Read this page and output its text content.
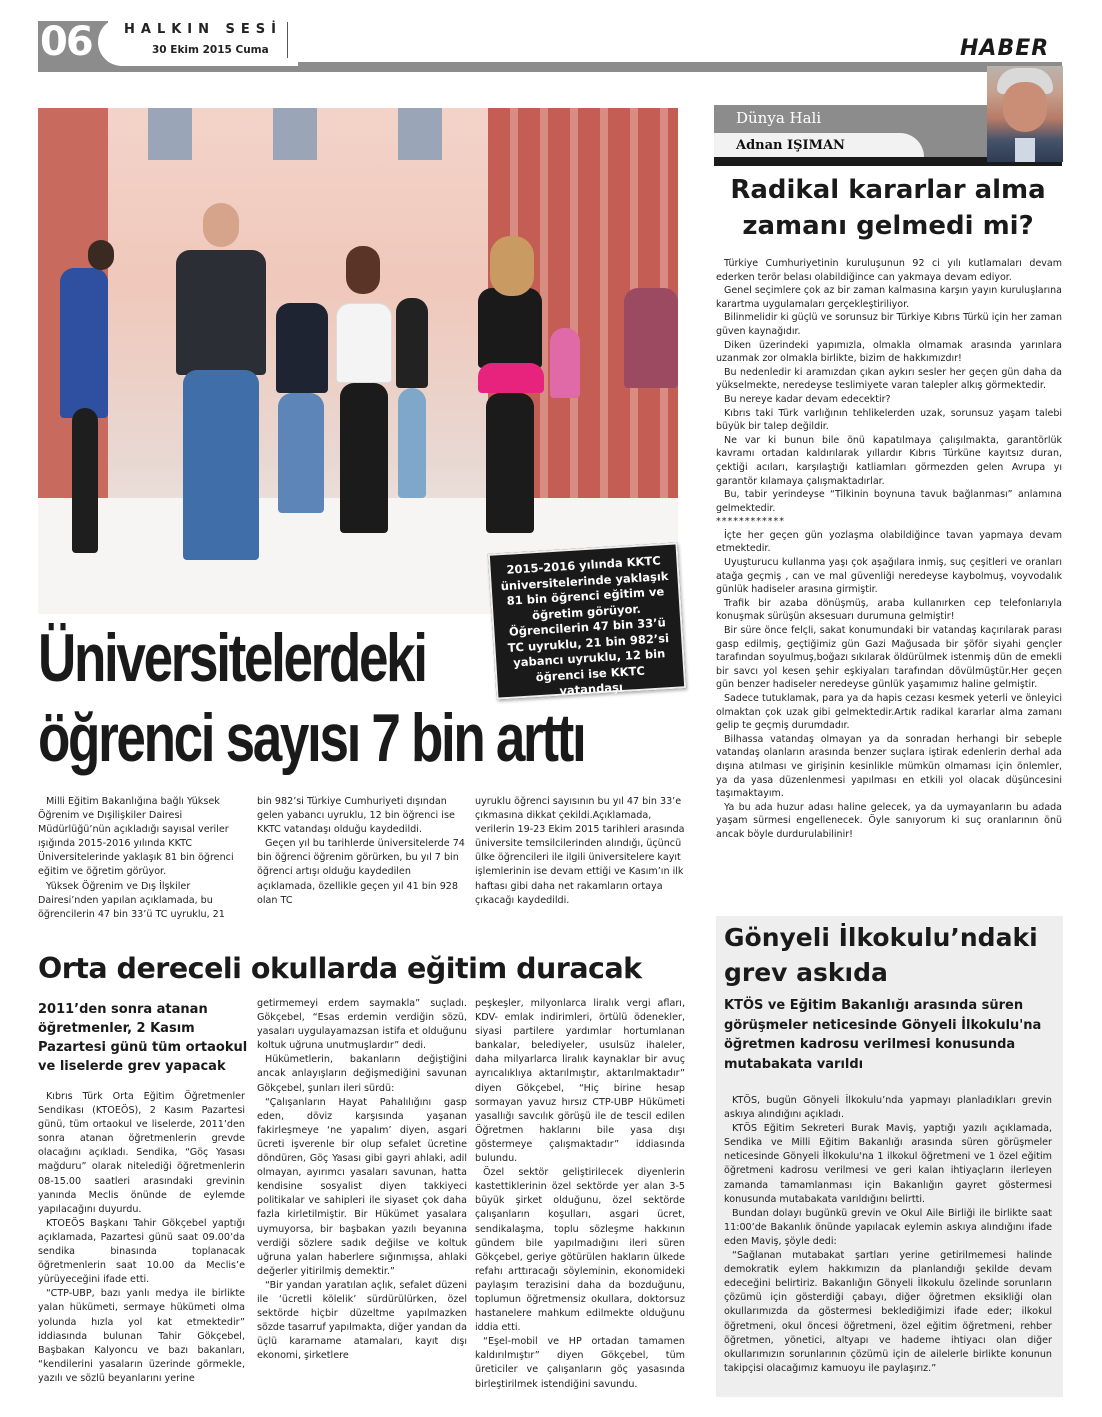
06 HALKIN SESİ
30 Ekim 2015 Cuma	HABER
2015-2016 yılında KKTC üniversitelerinde yaklaşık 81 bin öğrenci eğitim ve öğretim görüyor. Öğrencilerin 47 bin 33’ü TC uyruklu, 21 bin 982’si yabancı uyruklu, 12 bin öğrenci ise KKTC vatandaşı
Üniversitelerdeki
öğrenci sayısı 7 bin arttı

Milli Eğitim Bakanlığına bağlı Yüksek Öğrenim ve Dışilişkiler Dairesi Müdürlüğü’nün açıkladığı sayısal veriler ışığında 2015-2016 yılında KKTC Üniversitelerinde yaklaşık 81 bin öğrenci eğitim ve öğretim görüyor.

Yüksek Öğrenim ve Dış İlşkiler Dairesi’nden yapılan açıklamada, bu öğrencilerin 47 bin 33’ü TC uyruklu, 21

bin 982’si Türkiye Cumhuriyeti dışından gelen yabancı uyruklu, 12 bin öğrenci ise KKTC vatandaşı olduğu kaydedildi.

Geçen yıl bu tarihlerde üniversitelerde 74 bin öğrenci öğrenim görürken, bu yıl 7 bin öğrenci artışı olduğu kaydedilen açıklamada, özellikle geçen yıl 41 bin 928 olan TC

uyruklu öğrenci sayısının bu yıl 47 bin 33’e çıkmasına dikkat çekildi.Açıklamada, verilerin 19-23 Ekim 2015 tarihleri arasında üniversite temsilcilerinden alındığı, üçüncü ülke öğrencileri ile ilgili üniversitelere kayıt işlemlerinin ise devam ettiği ve Kasım’ın ilk haftası gibi daha net rakamların ortaya çıkacağı kaydedildi.

Orta dereceli okullarda eğitim duracak
2011’den sonra atanan öğretmenler, 2 Kasım Pazartesi günü tüm ortaokul ve liselerde grev yapacak

Kıbrıs Türk Orta Eğitim Öğretmenler Sendikası (KTOEÖS), 2 Kasım Pazartesi günü, tüm ortaokul ve liselerde, 2011’den sonra atanan öğretmenlerin grevde olacağını açıkladı. Sendika, “Göç Yasası mağduru” olarak nitelediği öğretmenlerin 08-15.00 saatleri arasındaki grevinin yanında Meclis önünde de eylemde yapılacağını duyurdu.

KTOEÖS Başkanı Tahir Gökçebel yaptığı açıklamada, Pazartesi günü saat 09.00’da sendika binasında toplanacak öğretmenlerin saat 10.00 da Meclis’e yürüyeceğini ifade etti.

“CTP-UBP, bazı yanlı medya ile birlikte yalan hükümeti, sermaye hükümeti olma yolunda hızla yol kat etmektedir” iddiasında bulunan Tahir Gökçebel, Başbakan Kalyoncu ve bazı bakanları, “kendilerini yasaların üzerinde görmekle, yazılı ve sözlü beyanlarını yerine

getirmemeyi erdem saymakla” suçladı. Gökçebel, “Esas erdemin verdiğin sözü, yasaları uygulayamazsan istifa et olduğunu koltuk uğruna unutmuşlardır” dedi.

Hükümetlerin, bakanların değiştiğini ancak anlayışların değişmediğini savunan Gökçebel, şunları ileri sürdü:

“Çalışanların Hayat Pahalılığını gasp eden, döviz karşısında yaşanan fakirleşmeye ‘ne yapalım’ diyen, asgari ücreti işverenle bir olup sefalet ücretine döndüren, Göç Yasası gibi gayri ahlaki, adil olmayan, ayırımcı yasaları savunan, hatta kendisine sosyalist diyen takkiyeci politikalar ve sahipleri ile siyaset çok daha fazla kirletilmiştir. Bir Hükümet yasalara uymuyorsa, bir başbakan yazılı beyanına verdiği sözlere sadık değilse ve koltuk uğruna yalan haberlere sığınmışsa, ahlaki değerler yitirilmiş demektir.”

“Bir yandan yaratılan açlık, sefalet düzeni ile ‘ücretli kölelik’ sürdürülürken, özel sektörde hiçbir düzeltme yapılmazken sözde tasarruf yapılmakta, diğer yandan da üçlü kararname atamaları, kayıt dışı ekonomi, şirketlere

peşkeşler, milyonlarca liralık vergi afları, KDV- emlak indirimleri, örtülü ödenekler, siyasi partilere yardımlar hortumlanan bankalar, belediyeler, usulsüz ihaleler, daha milyarlarca liralık kaynaklar bir avuç ayrıcalıklıya aktarılmıştır, aktarılmaktadır” diyen Gökçebel, “Hiç birine hesap sormayan yavuz hırsız CTP-UBP Hükümeti yasallığı savcılık görüşü ile de tescil edilen Öğretmen haklarını bile yasa dışı göstermeye çalışmaktadır” iddiasında bulundu.

Özel sektör geliştirilecek diyenlerin kastettiklerinin özel sektörde yer alan 3-5 büyük şirket olduğunu, özel sektörde çalışanların koşulları, asgari ücret, sendikalaşma, toplu sözleşme hakkının gündem bile yapılmadığını ileri süren Gökçebel, geriye götürülen hakların ülkede refahı arttıracağı söyleminin, ekonomideki paylaşım terazisini daha da bozduğunu, toplumun öğretmensiz okullara, doktorsuz hastanelere mahkum edilmekte olduğunu iddia etti.

“Eşel-mobil ve HP ortadan tamamen kaldırılmıştır” diyen Gökçebel, tüm üreticiler ve çalışanların göç yasasında birleştirilmek istendiğini savundu.

Dünya Hali
Adnan IŞIMAN
Radikal kararlar alma zamanı gelmedi mi?

Türkiye Cumhuriyetinin kuruluşunun 92 ci yılı kutlamaları devam ederken terör belası olabildiğince can yakmaya devam ediyor.

Genel seçimlere çok az bir zaman kalmasına karşın yayın kuruluşlarına karartma uygulamaları gerçekleştiriliyor.

Bilinmelidir ki güçlü ve sorunsuz bir Türkiye Kıbrıs Türkü için her zaman güven kaynağıdır.

Diken üzerindeki yapımızla, olmakla olmamak arasında yarınlara uzanmak zor olmakla birlikte, bizim de hakkımızdır!

Bu nedenledir ki aramızdan çıkan aykırı sesler her geçen gün daha da yükselmekte, neredeyse teslimiyete varan talepler alkış görmektedir.

Bu nereye kadar devam edecektir?

Kıbrıs taki Türk varlığının tehlikelerden uzak, sorunsuz yaşam talebi büyük bir talep değildir.

Ne var ki bunun bile önü kapatılmaya çalışılmakta, garantörlük kavramı ortadan kaldırılarak yıllardır Kıbrıs Türküne kayıtsız duran, çektiği acıları, karşılaştığı katliamları görmezden gelen Avrupa yı garantör kılamaya çalışmaktadırlar.

Bu, tabir yerindeyse “Tilkinin boynuna tavuk bağlanması” anlamına gelmektedir.

************

İçte her geçen gün yozlaşma olabildiğince tavan yapmaya devam etmektedir.

Uyuşturucu kullanma yaşı çok aşağılara inmiş, suç çeşitleri ve oranları atağa geçmiş , can ve mal güvenliği neredeyse kaybolmuş, voyvodalık günlük hadiseler arasına girmiştir.

Trafik bir azaba dönüşmüş, araba kullanırken cep telefonlarıyla konuşmak sürüşün aksesuarı durumuna gelmiştir!

Bir süre önce felçli, sakat konumundaki bir vatandaş kaçırılarak parası gasp edilmiş, geçtiğimiz gün Gazi Mağusada bir şöför siyahi gençler tarafından soyulmuş,boğazı sıkılarak öldürülmek istenmiş dün de emekli bir savcı yol kesen şehir eşkiyaları tarafından dövülmüştür.Her geçen gün benzer hadiseler neredeyse günlük yaşamımız haline gelmiştir.

Sadece tutuklamak, para ya da hapis cezası kesmek yeterli ve önleyici olmaktan çok uzak gibi gelmektedir.Artık radikal kararlar alma zamanı gelip te geçmiş durumdadır.

Bilhassa vatandaş olmayan ya da sonradan herhangi bir sebeple vatandaş olanların arasında benzer suçlara iştirak edenlerin derhal ada dışına atılması ve girişinin kesinlikle mümkün olmaması için önlemler, ya da yasa düzenlenmesi yapılması en etkili yol olacak düşüncesini taşımaktayım.

Ya bu ada huzur adası haline gelecek, ya da uymayanların bu adada yaşam sürmesi engellenecek. Öyle sanıyorum ki suç oranlarının önü ancak böyle durdurulabilinir!

Gönyeli İlkokulu’ndaki grev askıda
KTÖS ve Eğitim Bakanlığı arasında süren görüşmeler neticesinde Gönyeli İlkokulu'na öğretmen kadrosu verilmesi konusunda mutabakata varıldı

KTÖS, bugün Gönyeli İlkokulu’nda yapmayı planladıkları grevin askıya alındığını açıkladı.

KTÖS Eğitim Sekreteri Burak Maviş, yaptığı yazılı açıklamada, Sendika ve Milli Eğitim Bakanlığı arasında süren görüşmeler neticesinde Gönyeli İlkokulu'na 1 ilkokul öğretmeni ve 1 özel eğitim öğretmeni kadrosu verilmesi ve geri kalan ihtiyaçların ilerleyen zamanda tamamlanması için Bakanlığın gayret göstermesi konusunda mutabakata varıldığını belirtti.

Bundan dolayı bugünkü grevin ve Okul Aile Birliği ile birlikte saat 11:00’de Bakanlık önünde yapılacak eylemin askıya alındığını ifade eden Maviş, şöyle dedi:

“Sağlanan mutabakat şartları yerine getirilmemesi halinde demokratik eylem hakkımızın da planlandığı şekilde devam edeceğini belirtiriz. Bakanlığın Gönyeli İlkokulu özelinde sorunların çözümü için gösterdiği çabayı, diğer öğretmen eksikliği olan okullarımızda da göstermesi beklediğimizi ifade eder; ilkokul öğretmeni, okul öncesi öğretmeni, özel eğitim öğretmeni, rehber öğretmen, yönetici, altyapı ve hademe ihtiyacı olan diğer okullarımızın sorunlarının çözümü için de ailelerle birlikte konunun takipçisi olacağımız kamuoyu ile paylaşırız.”
